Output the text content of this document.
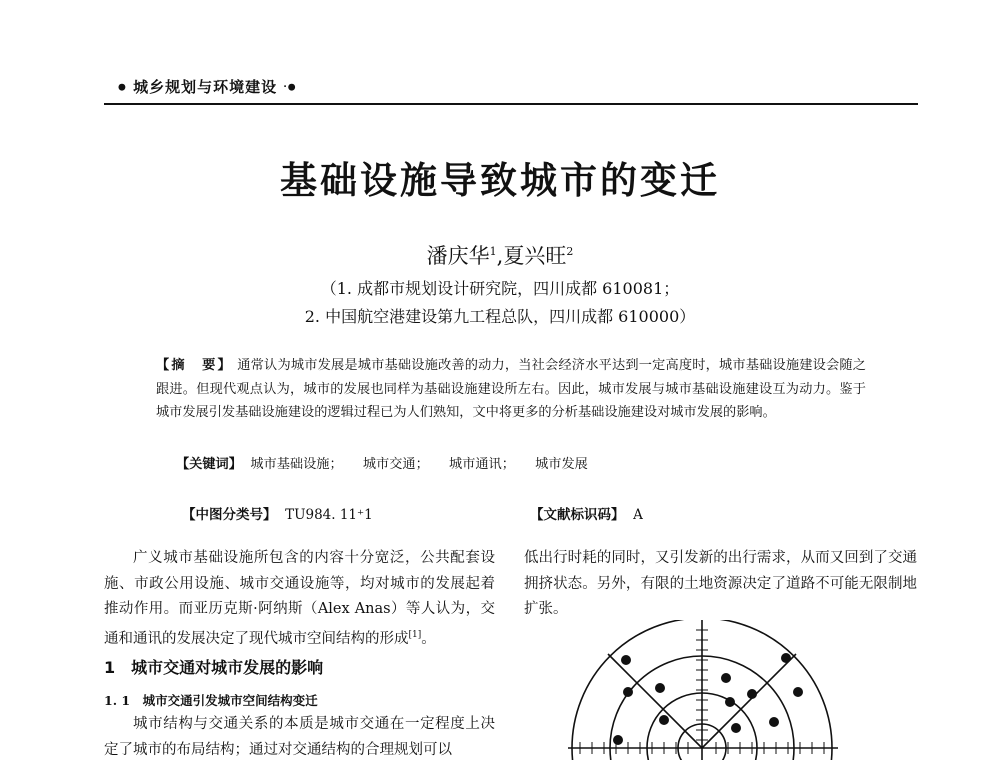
● 城乡规划与环境建设 ·●
基础设施导致城市的变迁
潘庆华$^1$,夏兴旺$^2$
（1. 成都市规划设计研究院，四川成都 610081；
2. 中国航空港建设第九工程总队，四川成都 610000）
【摘　要】 通常认为城市发展是城市基础设施改善的动力，当社会经济水平达到一定高度时，城市基础设施建设会随之跟进。但现代观点认为，城市的发展也同样为基础设施建设所左右。因此，城市发展与城市基础设施建设互为动力。鉴于城市发展引发基础设施建设的逻辑过程已为人们熟知，文中将更多的分析基础设施建设对城市发展的影响。
【关键词】 城市基础设施； 城市交通； 城市通讯； 城市发展
【中图分类号】 TU984. 11⁺1	【文献标识码】 A
广义城市基础设施所包含的内容十分宽泛，公共配套设施、市政公用设施、城市交通设施等，均对城市的发展起着推动作用。而亚历克斯·阿纳斯（Alex Anas）等人认为，交通和通讯的发展决定了现代城市空间结构的形成[1]。
1　城市交通对城市发展的影响
1. 1　城市交通引发城市空间结构变迁
城市结构与交通关系的本质是城市交通在一定程度上决定了城市的布局结构；通过对交通结构的合理规划可以
低出行时耗的同时，又引发新的出行需求，从而又回到了交通拥挤状态。另外，有限的土地资源决定了道路不可能无限制地扩张。
